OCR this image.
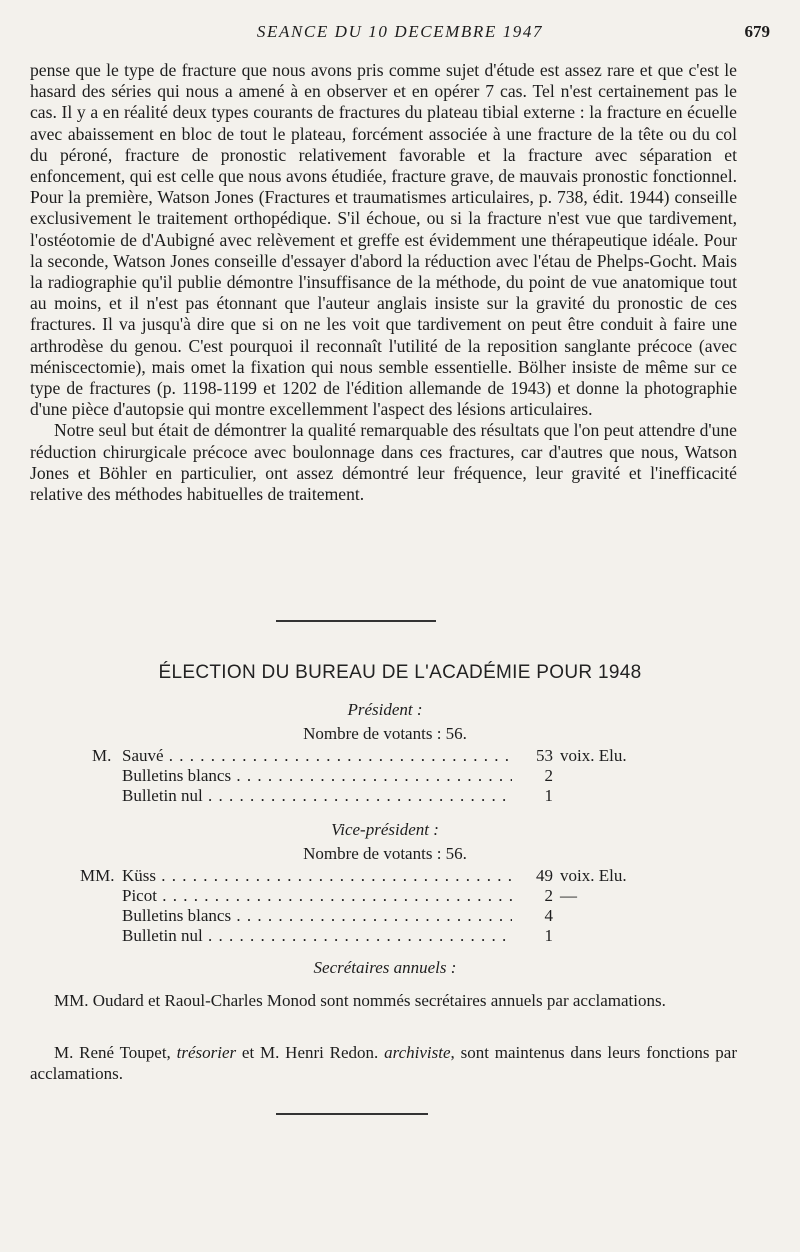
SEANCE DU 10 DECEMBRE 1947	679

pense que le type de fracture que nous avons pris comme sujet d'étude est assez rare et que c'est le hasard des séries qui nous a amené à en observer et en opérer 7 cas. Tel n'est certainement pas le cas. Il y a en réalité deux types courants de fractures du plateau tibial externe : la fracture en écuelle avec abaissement en bloc de tout le plateau, forcément associée à une fracture de la tête ou du col du péroné, fracture de pronostic relativement favorable et la fracture avec séparation et enfoncement, qui est celle que nous avons étudiée, fracture grave, de mauvais pronostic fonctionnel. Pour la première, Watson Jones (Fractures et traumatismes articulaires, p. 738, édit. 1944) conseille exclusivement le traitement orthopédique. S'il échoue, ou si la fracture n'est vue que tardivement, l'ostéotomie de d'Aubigné avec relèvement et greffe est évidemment une thérapeutique idéale. Pour la seconde, Watson Jones conseille d'essayer d'abord la réduction avec l'étau de Phelps-Gocht. Mais la radiographie qu'il publie démontre l'insuffisance de la méthode, du point de vue anatomique tout au moins, et il n'est pas étonnant que l'auteur anglais insiste sur la gravité du pronostic de ces fractures. Il va jusqu'à dire que si on ne les voit que tardivement on peut être conduit à faire une arthrodèse du genou. C'est pourquoi il reconnaît l'utilité de la reposition sanglante précoce (avec méniscectomie), mais omet la fixation qui nous semble essentielle. Bölher insiste de même sur ce type de fractures (p. 1198-1199 et 1202 de l'édition allemande de 1943) et donne la photographie d'une pièce d'autopsie qui montre excellemment l'aspect des lésions articulaires.

Notre seul but était de démontrer la qualité remarquable des résultats que l'on peut attendre d'une réduction chirurgicale précoce avec boulonnage dans ces fractures, car d'autres que nous, Watson Jones et Böhler en particulier, ont assez démontré leur fréquence, leur gravité et l'inefficacité relative des méthodes habituelles de traitement.

ÉLECTION DU BUREAU DE L'ACADÉMIE POUR 1948
Président :
Nombre de votants : 56.
M. Sauvé . . .	53 voix. Elu.
Bulletins blancs . . .	2
Bulletin nul . . .	1
Vice-président :
Nombre de votants : 56.
MM. Küss . . .	49 voix. Elu.
Picot . . .	2 —
Bulletins blancs . . .	4
Bulletin nul . . .	1
Secrétaires annuels :

MM. Oudard et Raoul-Charles Monod sont nommés secrétaires annuels par acclamations.

M. René Toupet, trésorier et M. Henri Redon. archiviste, sont maintenus dans leurs fonctions par acclamations.
